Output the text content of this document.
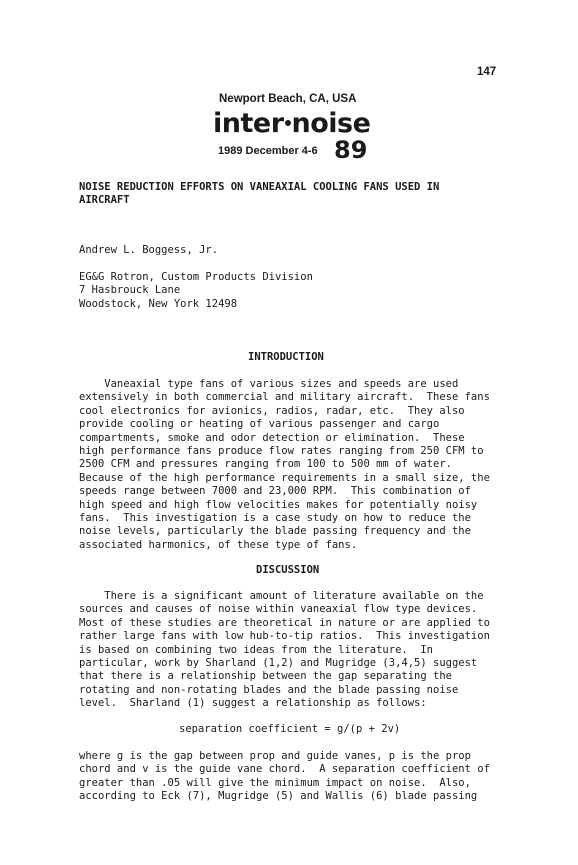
147
Newport Beach, CA, USA
inter noise
1989 December 4-6 89
NOISE REDUCTION EFFORTS ON VANEAXIAL COOLING FANS USED IN
AIRCRAFT
Andrew L. Boggess, Jr.
EG&G Rotron, Custom Products Division
7 Hasbrouck Lane
Woodstock, New York 12498
INTRODUCTION
Vaneaxial type fans of various sizes and speeds are used
extensively in both commercial and military aircraft.  These fans
cool electronics for avionics, radios, radar, etc.  They also
provide cooling or heating of various passenger and cargo
compartments, smoke and odor detection or elimination.  These
high performance fans produce flow rates ranging from 250 CFM to
2500 CFM and pressures ranging from 100 to 500 mm of water.
Because of the high performance requirements in a small size, the
speeds range between 7000 and 23,000 RPM.  This combination of
high speed and high flow velocities makes for potentially noisy
fans.  This investigation is a case study on how to reduce the
noise levels, particularly the blade passing frequency and the
associated harmonics, of these type of fans.
DISCUSSION
There is a significant amount of literature available on the
sources and causes of noise within vaneaxial flow type devices.
Most of these studies are theoretical in nature or are applied to
rather large fans with low hub-to-tip ratios.  This investigation
is based on combining two ideas from the literature.  In
particular, work by Sharland (1,2) and Mugridge (3,4,5) suggest
that there is a relationship between the gap separating the
rotating and non-rotating blades and the blade passing noise
level.  Sharland (1) suggest a relationship as follows:
separation coefficient = g/(p + 2v)
where g is the gap between prop and guide vanes, p is the prop
chord and v is the guide vane chord.  A separation coefficient of
greater than .05 will give the minimum impact on noise.  Also,
according to Eck (7), Mugridge (5) and Wallis (6) blade passing
